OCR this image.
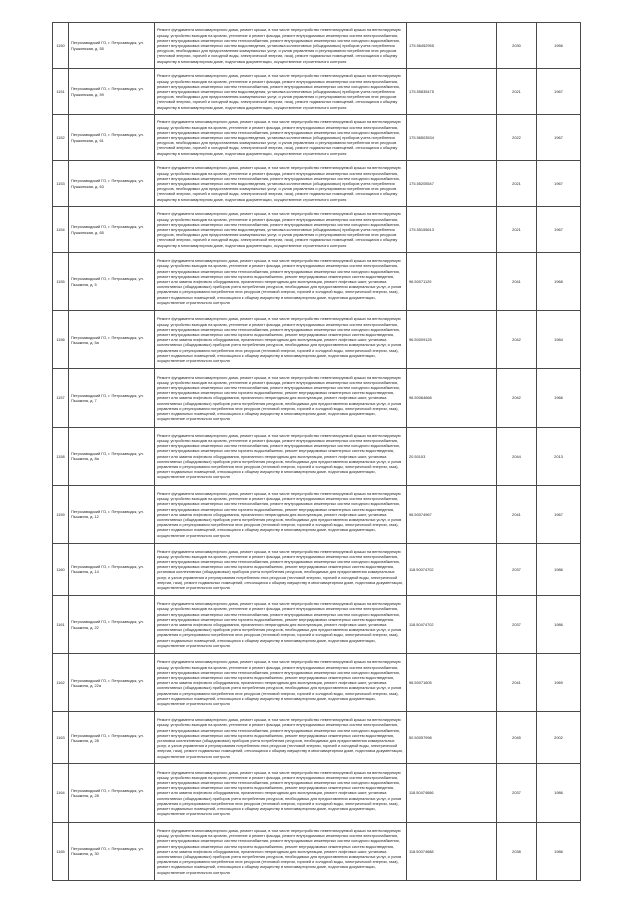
1150	Петрозаводский ГО, г. Петрозаводск, ул. Пушкинская, д. 55	Ремонт фундамента многоквартирного дома, ремонт крыши, в том числе переустройство невентилируемой крыши на вентилируемую крышу, устройство выходов на кровлю, утепление и ремонт фасада, ремонт внутридомовых инженерных систем электроснабжения, ремонт внутридомовых инженерных систем теплоснабжения, ремонт внутридомовых инженерных систем холодного водоснабжения, ремонт внутридомовых инженерных систем водоотведения, установка коллективных (общедомовых) приборов учета потребления ресурсов, необходимых для предоставления коммунальных услуг, и узлов управления и регулирования потребления этих ресурсов (тепловой энергии, горячей и холодной воды, электрической энергии, газа), ремонт подвальных помещений, относящихся к общему имуществу в многоквартирном доме, подготовка документации, осуществление строительного контроля	175.56452955	2030	1956
1151	Петрозаводский ГО, г. Петрозаводск, ул. Пушкинская, д. 59	Ремонт фундамента многоквартирного дома, ремонт крыши, в том числе переустройство невентилируемой крыши на вентилируемую крышу, устройство выходов на кровлю, утепление и ремонт фасада, ремонт внутридомовых инженерных систем электроснабжения, ремонт внутридомовых инженерных систем теплоснабжения, ремонт внутридомовых инженерных систем холодного водоснабжения, ремонт внутридомовых инженерных систем водоотведения, установка коллективных (общедомовых) приборов учета потребления ресурсов, необходимых для предоставления коммунальных услуг, и узлов управления и регулирования потребления этих ресурсов (тепловой энергии, горячей и холодной воды, электрической энергии, газа), ремонт подвальных помещений, относящихся к общему имуществу в многоквартирном доме, подготовка документации, осуществление строительного контроля	175.55835475	2021	1967
1152	Петрозаводский ГО, г. Петрозаводск, ул. Пушкинская, д. 61	Ремонт фундамента многоквартирного дома, ремонт крыши, в том числе переустройство невентилируемой крыши на вентилируемую крышу, устройство выходов на кровлю, утепление и ремонт фасада, ремонт внутридомовых инженерных систем электроснабжения, ремонт внутридомовых инженерных систем теплоснабжения, ремонт внутридомовых инженерных систем холодного водоснабжения, ремонт внутридомовых инженерных систем водоотведения, установка коллективных (общедомовых) приборов учета потребления ресурсов, необходимых для предоставления коммунальных услуг, и узлов управления и регулирования потребления этих ресурсов (тепловой энергии, горячей и холодной воды, электрической энергии, газа), ремонт подвальных помещений, относящихся к общему имуществу в многоквартирном доме, подготовка документации, осуществление строительного контроля	175.56503534	2022	1967
1153	Петрозаводский ГО, г. Петрозаводск, ул. Пушкинская, д. 63	Ремонт фундамента многоквартирного дома, ремонт крыши, в том числе переустройство невентилируемой крыши на вентилируемую крышу, устройство выходов на кровлю, утепление и ремонт фасада, ремонт внутридомовых инженерных систем электроснабжения, ремонт внутридомовых инженерных систем теплоснабжения, ремонт внутридомовых инженерных систем холодного водоснабжения, ремонт внутридомовых инженерных систем водоотведения, установка коллективных (общедомовых) приборов учета потребления ресурсов, необходимых для предоставления коммунальных услуг, и узлов управления и регулирования потребления этих ресурсов (тепловой энергии, горячей и холодной воды, электрической энергии, газа), ремонт подвальных помещений, относящихся к общему имуществу в многоквартирном доме, подготовка документации, осуществление строительного контроля	175.55205547	2021	1967
1154	Петрозаводский ГО, г. Петрозаводск, ул. Пушкинская, д. 65	Ремонт фундамента многоквартирного дома, ремонт крыши, в том числе переустройство невентилируемой крыши на вентилируемую крышу, устройство выходов на кровлю, утепление и ремонт фасада, ремонт внутридомовых инженерных систем электроснабжения, ремонт внутридомовых инженерных систем теплоснабжения, ремонт внутридомовых инженерных систем холодного водоснабжения, ремонт внутридомовых инженерных систем водоотведения, установка коллективных (общедомовых) приборов учета потребления ресурсов, необходимых для предоставления коммунальных услуг, и узлов управления и регулирования потребления этих ресурсов (тепловой энергии, горячей и холодной воды, электрической энергии, газа), ремонт подвальных помещений, относящихся к общему имуществу в многоквартирном доме, подготовка документации, осуществление строительного контроля	175.55155613	2021	1967
1155	Петрозаводский ГО, г. Петрозаводск, ул. Пышкина, д. 5	Ремонт фундамента многоквартирного дома, ремонт крыши, в том числе переустройство невентилируемой крыши на вентилируемую крышу, устройство выходов на кровлю, утепление и ремонт фасада, ремонт внутридомовых инженерных систем электроснабжения, ремонт внутридомовых инженерных систем теплоснабжения, ремонт внутридомовых инженерных систем холодного водоснабжения, ремонт внутридомовых инженерных систем горячего водоснабжения, ремонт внутридомовых инженерных систем водоотведения, ремонт или замена лифтового оборудования, признанного непригодным для эксплуатации, ремонт лифтовых шахт, установка коллективных (общедомовых) приборов учета потребления ресурсов, необходимых для предоставления коммунальных услуг, и узлов управления и регулирования потребления этих ресурсов (тепловой энергии, горячей и холодной воды, электрической энергии, газа), ремонт подвальных помещений, относящихся к общему имуществу в многоквартирном доме, подготовка документации, осуществление строительного контроля	96.50071129	2041	1968
1156	Петрозаводский ГО, г. Петрозаводск, ул. Пышкина, д. 5а	Ремонт фундамента многоквартирного дома, ремонт крыши, в том числе переустройство невентилируемой крыши на вентилируемую крышу, устройство выходов на кровлю, утепление и ремонт фасада, ремонт внутридомовых инженерных систем электроснабжения, ремонт внутридомовых инженерных систем теплоснабжения, ремонт внутридомовых инженерных систем холодного водоснабжения, ремонт внутридомовых инженерных систем горячего водоснабжения, ремонт внутридомовых инженерных систем водоотведения, ремонт или замена лифтового оборудования, признанного непригодным для эксплуатации, ремонт лифтовых шахт, установка коллективных (общедомовых) приборов учета потребления ресурсов, необходимых для предоставления коммунальных услуг, и узлов управления и регулирования потребления этих ресурсов (тепловой энергии, горячей и холодной воды, электрической энергии, газа), ремонт подвальных помещений, относящихся к общему имуществу в многоквартирном доме, подготовка документации, осуществление строительного контроля	96.50009125	2042	1984
1157	Петрозаводский ГО, г. Петрозаводск, ул. Пышкина, д. 7	Ремонт фундамента многоквартирного дома, ремонт крыши, в том числе переустройство невентилируемой крыши на вентилируемую крышу, устройство выходов на кровлю, утепление и ремонт фасада, ремонт внутридомовых инженерных систем электроснабжения, ремонт внутридомовых инженерных систем теплоснабжения, ремонт внутридомовых инженерных систем холодного водоснабжения, ремонт внутридомовых инженерных систем горячего водоснабжения, ремонт внутридомовых инженерных систем водоотведения, ремонт или замена лифтового оборудования, признанного непригодным для эксплуатации, ремонт лифтовых шахт, установка коллективных (общедомовых) приборов учета потребления ресурсов, необходимых для предоставления коммунальных услуг, и узлов управления и регулирования потребления этих ресурсов (тепловой энергии, горячей и холодной воды, электрической энергии, газа), ремонт подвальных помещений, относящихся к общему имуществу в многоквартирном доме, подготовка документации, осуществление строительного контроля	96.50064668	2042	1966
1158	Петрозаводский ГО, г. Петрозаводск, ул. Пышкина, д. 8а	Ремонт фундамента многоквартирного дома, ремонт крыши, в том числе переустройство невентилируемой крыши на вентилируемую крышу, устройство выходов на кровлю, утепление и ремонт фасада, ремонт внутридомовых инженерных систем электроснабжения, ремонт внутридомовых инженерных систем теплоснабжения, ремонт внутридомовых инженерных систем холодного водоснабжения, ремонт внутридомовых инженерных систем горячего водоснабжения, ремонт внутридомовых инженерных систем водоотведения, ремонт или замена лифтового оборудования, признанного непригодным для эксплуатации, ремонт лифтовых шахт, установка коллективных (общедомовых) приборов учета потребления ресурсов, необходимых для предоставления коммунальных услуг, и узлов управления и регулирования потребления этих ресурсов (тепловой энергии, горячей и холодной воды, электрической энергии, газа), ремонт подвальных помещений, относящихся к общему имуществу в многоквартирном доме, подготовка документации, осуществление строительного контроля	20.50103	2044	2013
1159	Петрозаводский ГО, г. Петрозаводск, ул. Пышкина, д. 12	Ремонт фундамента многоквартирного дома, ремонт крыши, в том числе переустройство невентилируемой крыши на вентилируемую крышу, устройство выходов на кровлю, утепление и ремонт фасада, ремонт внутридомовых инженерных систем электроснабжения, ремонт внутридомовых инженерных систем теплоснабжения, ремонт внутридомовых инженерных систем холодного водоснабжения, ремонт внутридомовых инженерных систем горячего водоснабжения, ремонт внутридомовых инженерных систем водоотведения, ремонт или замена лифтового оборудования, признанного непригодным для эксплуатации, ремонт лифтовых шахт, установка коллективных (общедомовых) приборов учета потребления ресурсов, необходимых для предоставления коммунальных услуг, и узлов управления и регулирования потребления этих ресурсов (тепловой энергии, горячей и холодной воды, электрической энергии, газа), ремонт подвальных помещений, относящихся к общему имуществу в многоквартирном доме, подготовка документации, осуществление строительного контроля	96.50074967	2041	1967
1160	Петрозаводский ГО, г. Петрозаводск, ул. Пышкина, д. 14	Ремонт фундамента многоквартирного дома, ремонт крыши, в том числе переустройство невентилируемой крыши на вентилируемую крышу, устройство выходов на кровлю, утепление и ремонт фасада, ремонт внутридомовых инженерных систем электроснабжения, ремонт внутридомовых инженерных систем теплоснабжения, ремонт внутридомовых инженерных систем холодного водоснабжения, ремонт внутридомовых инженерных систем горячего водоснабжения, ремонт внутридомовых инженерных систем водоотведения, установка коллективных (общедомовых) приборов учета потребления ресурсов, необходимых для предоставления коммунальных услуг, и узлов управления и регулирования потребления этих ресурсов (тепловой энергии, горячей и холодной воды, электрической энергии, газа), ремонт подвальных помещений, относящихся к общему имуществу в многоквартирном доме, подготовка документации, осуществление строительного контроля	118.50074702	2037	1986
1161	Петрозаводский ГО, г. Петрозаводск, ул. Пышкина, д. 22	Ремонт фундамента многоквартирного дома, ремонт крыши, в том числе переустройство невентилируемой крыши на вентилируемую крышу, устройство выходов на кровлю, утепление и ремонт фасада, ремонт внутридомовых инженерных систем электроснабжения, ремонт внутридомовых инженерных систем теплоснабжения, ремонт внутридомовых инженерных систем холодного водоснабжения, ремонт внутридомовых инженерных систем горячего водоснабжения, ремонт внутридомовых инженерных систем водоотведения, ремонт или замена лифтового оборудования, признанного непригодным для эксплуатации, ремонт лифтовых шахт, установка коллективных (общедомовых) приборов учета потребления ресурсов, необходимых для предоставления коммунальных услуг, и узлов управления и регулирования потребления этих ресурсов (тепловой энергии, горячей и холодной воды, электрической энергии, газа), ремонт подвальных помещений, относящихся к общему имуществу в многоквартирном доме, подготовка документации, осуществление строительного контроля	118.50474702	2037	1986
1162	Петрозаводский ГО, г. Петрозаводск, ул. Пышкина, д. 22а	Ремонт фундамента многоквартирного дома, ремонт крыши, в том числе переустройство невентилируемой крыши на вентилируемую крышу, устройство выходов на кровлю, утепление и ремонт фасада, ремонт внутридомовых инженерных систем электроснабжения, ремонт внутридомовых инженерных систем теплоснабжения, ремонт внутридомовых инженерных систем холодного водоснабжения, ремонт внутридомовых инженерных систем горячего водоснабжения, ремонт внутридомовых инженерных систем водоотведения, ремонт или замена лифтового оборудования, признанного непригодным для эксплуатации, ремонт лифтовых шахт, установка коллективных (общедомовых) приборов учета потребления ресурсов, необходимых для предоставления коммунальных услуг, и узлов управления и регулирования потребления этих ресурсов (тепловой энергии, горячей и холодной воды, электрической энергии, газа), ремонт подвальных помещений, относящихся к общему имуществу в многоквартирном доме, подготовка документации, осуществление строительного контроля	96.50071605	2041	1969
1163	Петрозаводский ГО, г. Петрозаводск, ул. Пышкина, д. 28	Ремонт фундамента многоквартирного дома, ремонт крыши, в том числе переустройство невентилируемой крыши на вентилируемую крышу, устройство выходов на кровлю, утепление и ремонт фасада, ремонт внутридомовых инженерных систем электроснабжения, ремонт внутридомовых инженерных систем теплоснабжения, ремонт внутридомовых инженерных систем холодного водоснабжения, ремонт внутридомовых инженерных систем горячего водоснабжения, ремонт внутридомовых инженерных систем водоотведения, установка коллективных (общедомовых) приборов учета потребления ресурсов, необходимых для предоставления коммунальных услуг, и узлов управления и регулирования потребления этих ресурсов (тепловой энергии, горячей и холодной воды, электрической энергии, газа), ремонт подвальных помещений, относящихся к общему имуществу в многоквартирном доме, подготовка документации, осуществление строительного контроля	50.50057998	2045	2002
1164	Петрозаводский ГО, г. Петрозаводск, ул. Пышкина, д. 28	Ремонт фундамента многоквартирного дома, ремонт крыши, в том числе переустройство невентилируемой крыши на вентилируемую крышу, устройство выходов на кровлю, утепление и ремонт фасада, ремонт внутридомовых инженерных систем электроснабжения, ремонт внутридомовых инженерных систем теплоснабжения, ремонт внутридомовых инженерных систем холодного водоснабжения, ремонт внутридомовых инженерных систем горячего водоснабжения, ремонт внутридомовых инженерных систем водоотведения, ремонт или замена лифтового оборудования, признанного непригодным для эксплуатации, ремонт лифтовых шахт, установка коллективных (общедомовых) приборов учета потребления ресурсов, необходимых для предоставления коммунальных услуг, и узлов управления и регулирования потребления этих ресурсов (тепловой энергии, горячей и холодной воды, электрической энергии, газа), ремонт подвальных помещений, относящихся к общему имуществу в многоквартирном доме, подготовка документации, осуществление строительного контроля	118.50474666	2037	1986
1165	Петрозаводский ГО, г. Петрозаводск, ул. Пышкина, д. 30	Ремонт фундамента многоквартирного дома, ремонт крыши, в том числе переустройство невентилируемой крыши на вентилируемую крышу, устройство выходов на кровлю, утепление и ремонт фасада, ремонт внутридомовых инженерных систем электроснабжения, ремонт внутридомовых инженерных систем теплоснабжения, ремонт внутридомовых инженерных систем холодного водоснабжения, ремонт внутридомовых инженерных систем горячего водоснабжения, ремонт внутридомовых инженерных систем водоотведения, ремонт или замена лифтового оборудования, признанного непригодным для эксплуатации, ремонт лифтовых шахт, установка коллективных (общедомовых) приборов учета потребления ресурсов, необходимых для предоставления коммунальных услуг, и узлов управления и регулирования потребления этих ресурсов (тепловой энергии, горячей и холодной воды, электрической энергии, газа), ремонт подвальных помещений, относящихся к общему имуществу в многоквартирном доме, подготовка документации, осуществление строительного контроля	118.50074688	2038	1986
